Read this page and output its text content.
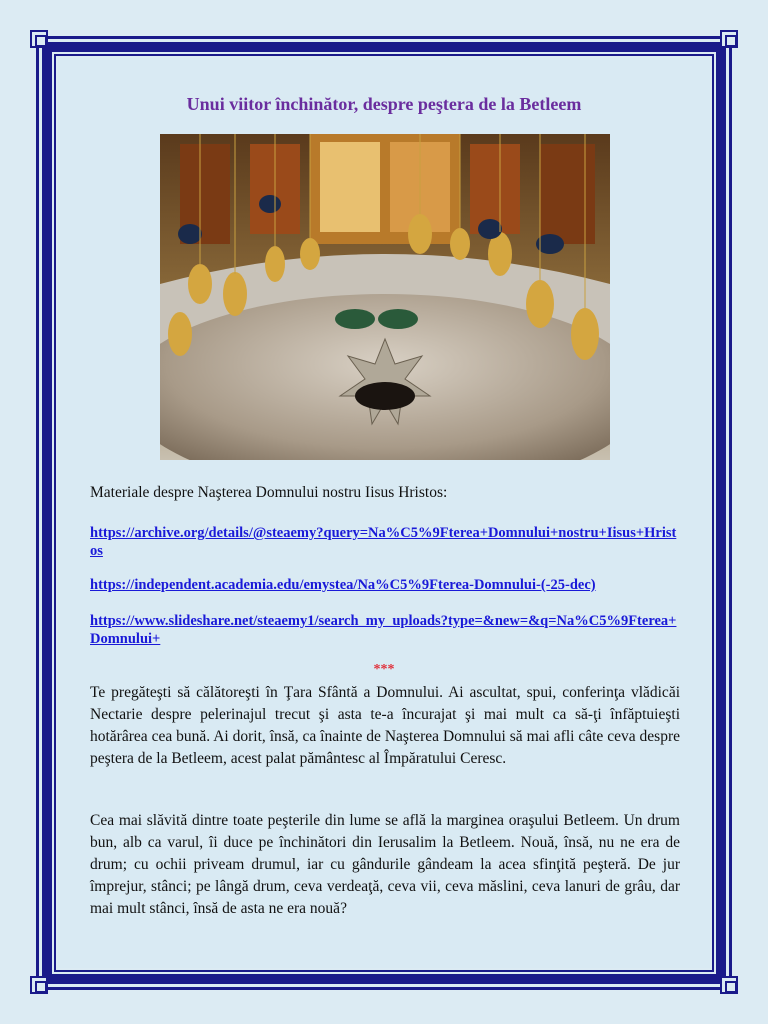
Unui viitor închinător, despre peştera de la Betleem
Materiale despre Naşterea Domnului nostru Iisus Hristos:
https://archive.org/details/@steaemy?query=Na%C5%9Fterea+Domnului+nostru+Iisus+Hristos
https://independent.academia.edu/emystea/Na%C5%9Fterea-Domnului-(-25-dec)
https://www.slideshare.net/steaemy1/search_my_uploads?type=&new=&q=Na%C5%9Fterea+Domnului+
***
Te pregăteşti să călătoreşti în Ţara Sfântă a Domnului. Ai ascultat, spui, conferinţa vlădicăi Nectarie despre pelerinajul trecut şi asta te-a încurajat şi mai mult ca să-ţi înfăptuieşti hotărârea cea bună. Ai dorit, însă, ca înainte de Naşterea Domnului să mai afli câte ceva despre peştera de la Betleem, acest palat pământesc al Împăratului Ceresc.
Cea mai slăvită dintre toate peşterile din lume se află la marginea oraşului Betleem. Un drum bun, alb ca varul, îi duce pe închinători din Ierusalim la Betleem. Nouă, însă, nu ne era de drum; cu ochii priveam drumul, iar cu gândurile gândeam la acea sfinţită peşteră. De jur împrejur, stânci; pe lângă drum, ceva verdeaţă, ceva vii, ceva măslini, ceva lanuri de grâu, dar mai mult stânci, însă de asta ne era nouă?
